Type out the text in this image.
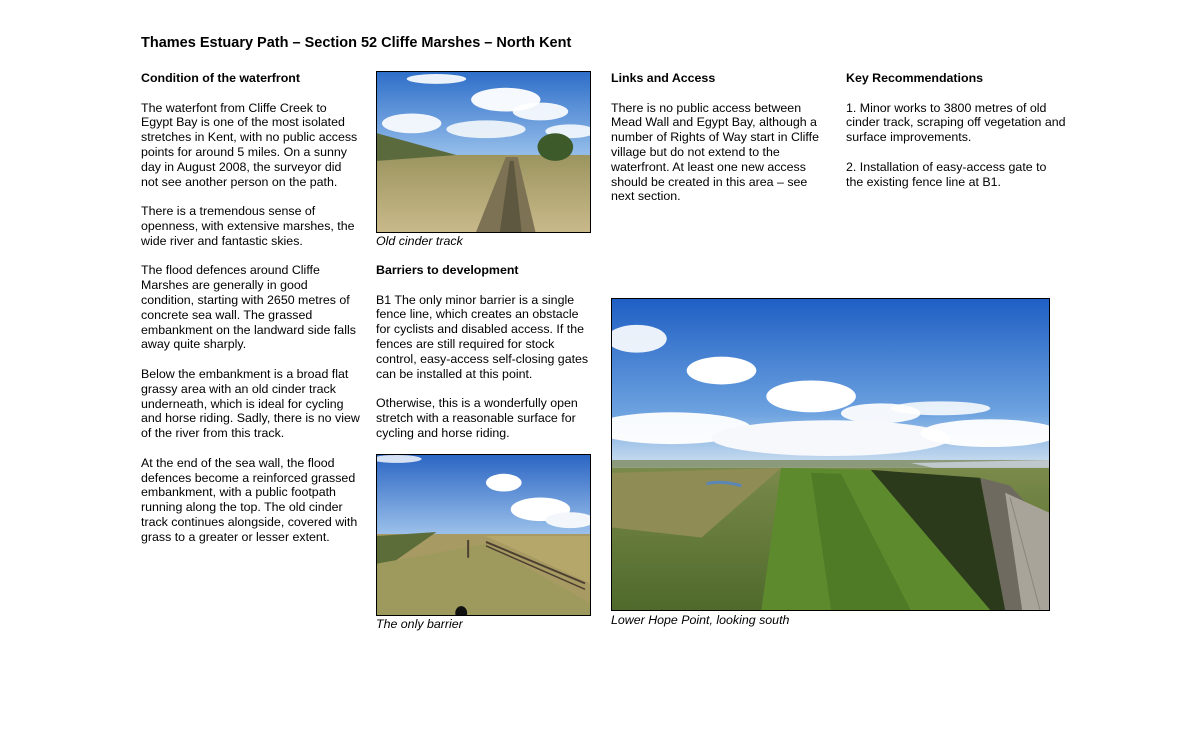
Thames Estuary Path – Section 52 Cliffe Marshes – North Kent
Condition of the waterfront

The waterfont from Cliffe Creek to Egypt Bay is one of the most isolated stretches in Kent, with no public access points for around 5 miles. On a sunny day in August 2008, the surveyor did not see another person on the path.

There is a tremendous sense of openness, with extensive marshes, the wide river and fantastic skies.

The flood defences around Cliffe Marshes are generally in good condition, starting with 2650 metres of concrete sea wall. The grassed embankment on the landward side falls away quite sharply.

Below the embankment is a broad flat grassy area with an old cinder track underneath, which is ideal for cycling and horse riding. Sadly, there is no view of the river from this track.

At the end of the sea wall, the flood defences become a reinforced grassed embankment, with a public footpath running along the top. The old cinder track continues alongside, covered with grass to a greater or lesser extent.

Old cinder track
Barriers to development

B1 The only minor barrier is a single fence line, which creates an obstacle for cyclists and disabled access. If the fences are still required for stock control, easy-access self-closing gates can be installed at this point.

Otherwise, this is a wonderfully open stretch with a reasonable surface for cycling and horse riding.

The only barrier
Links and Access

There is no public access between Mead Wall and Egypt Bay, although a number of Rights of Way start in Cliffe village but do not extend to the waterfront. At least one new access should be created in this area – see next section.

Key Recommendations

1. Minor works to 3800 metres of old cinder track, scraping off vegetation and surface improvements.

2. Installation of easy-access gate to the existing fence line at B1.

Lower Hope Point, looking south
